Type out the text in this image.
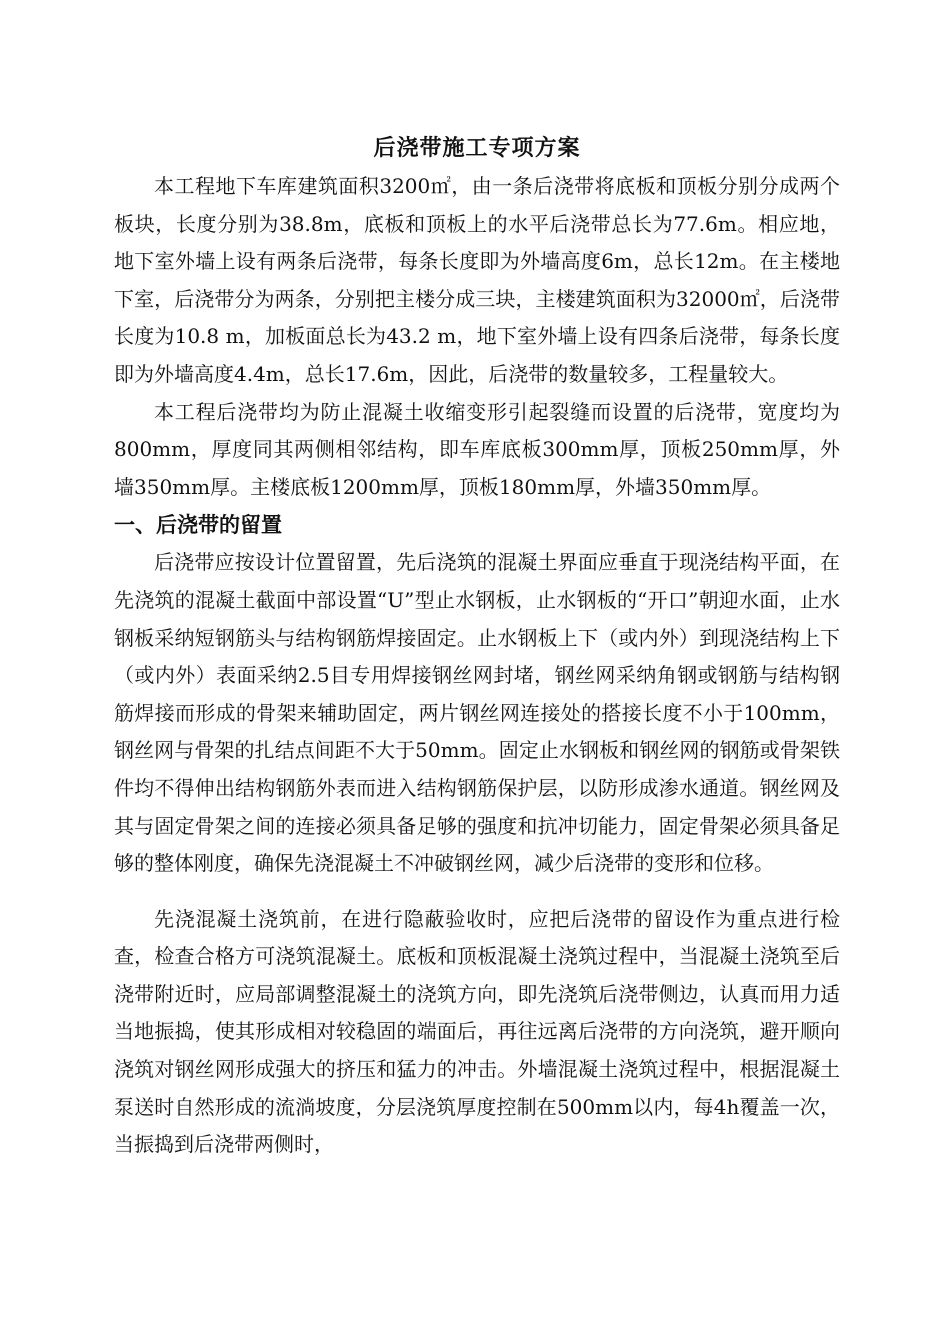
后浇带施工专项方案

本工程地下车库建筑面积3200㎡，由一条后浇带将底板和顶板分别分成两个板块，长度分别为38.8m，底板和顶板上的水平后浇带总长为77.6m。相应地，地下室外墙上设有两条后浇带，每条长度即为外墙高度6m，总长12m。在主楼地下室，后浇带分为两条，分别把主楼分成三块，主楼建筑面积为32000㎡，后浇带长度为10.8 m，加板面总长为43.2 m，地下室外墙上设有四条后浇带，每条长度即为外墙高度4.4m，总长17.6m，因此，后浇带的数量较多，工程量较大。

本工程后浇带均为防止混凝土收缩变形引起裂缝而设置的后浇带，宽度均为800mm，厚度同其两侧相邻结构，即车库底板300mm厚，顶板250mm厚，外墙350mm厚。主楼底板1200mm厚，顶板180mm厚，外墙350mm厚。

一、后浇带的留置

后浇带应按设计位置留置，先后浇筑的混凝土界面应垂直于现浇结构平面，在先浇筑的混凝土截面中部设置“U”型止水钢板，止水钢板的“开口”朝迎水面，止水钢板采纳短钢筋头与结构钢筋焊接固定。止水钢板上下（或内外）到现浇结构上下（或内外）表面采纳2.5目专用焊接钢丝网封堵，钢丝网采纳角钢或钢筋与结构钢筋焊接而形成的骨架来辅助固定，两片钢丝网连接处的搭接长度不小于100mm，钢丝网与骨架的扎结点间距不大于50mm。固定止水钢板和钢丝网的钢筋或骨架铁件均不得伸出结构钢筋外表而进入结构钢筋保护层，以防形成渗水通道。钢丝网及其与固定骨架之间的连接必须具备足够的强度和抗冲切能力，固定骨架必须具备足够的整体刚度，确保先浇混凝土不冲破钢丝网，减少后浇带的变形和位移。

先浇混凝土浇筑前，在进行隐蔽验收时，应把后浇带的留设作为重点进行检查，检查合格方可浇筑混凝土。底板和顶板混凝土浇筑过程中，当混凝土浇筑至后浇带附近时，应局部调整混凝土的浇筑方向，即先浇筑后浇带侧边，认真而用力适当地振捣，使其形成相对较稳固的端面后，再往远离后浇带的方向浇筑，避开顺向浇筑对钢丝网形成强大的挤压和猛力的冲击。外墙混凝土浇筑过程中，根据混凝土泵送时自然形成的流淌坡度，分层浇筑厚度控制在500mm以内，每4h覆盖一次，当振捣到后浇带两侧时，
